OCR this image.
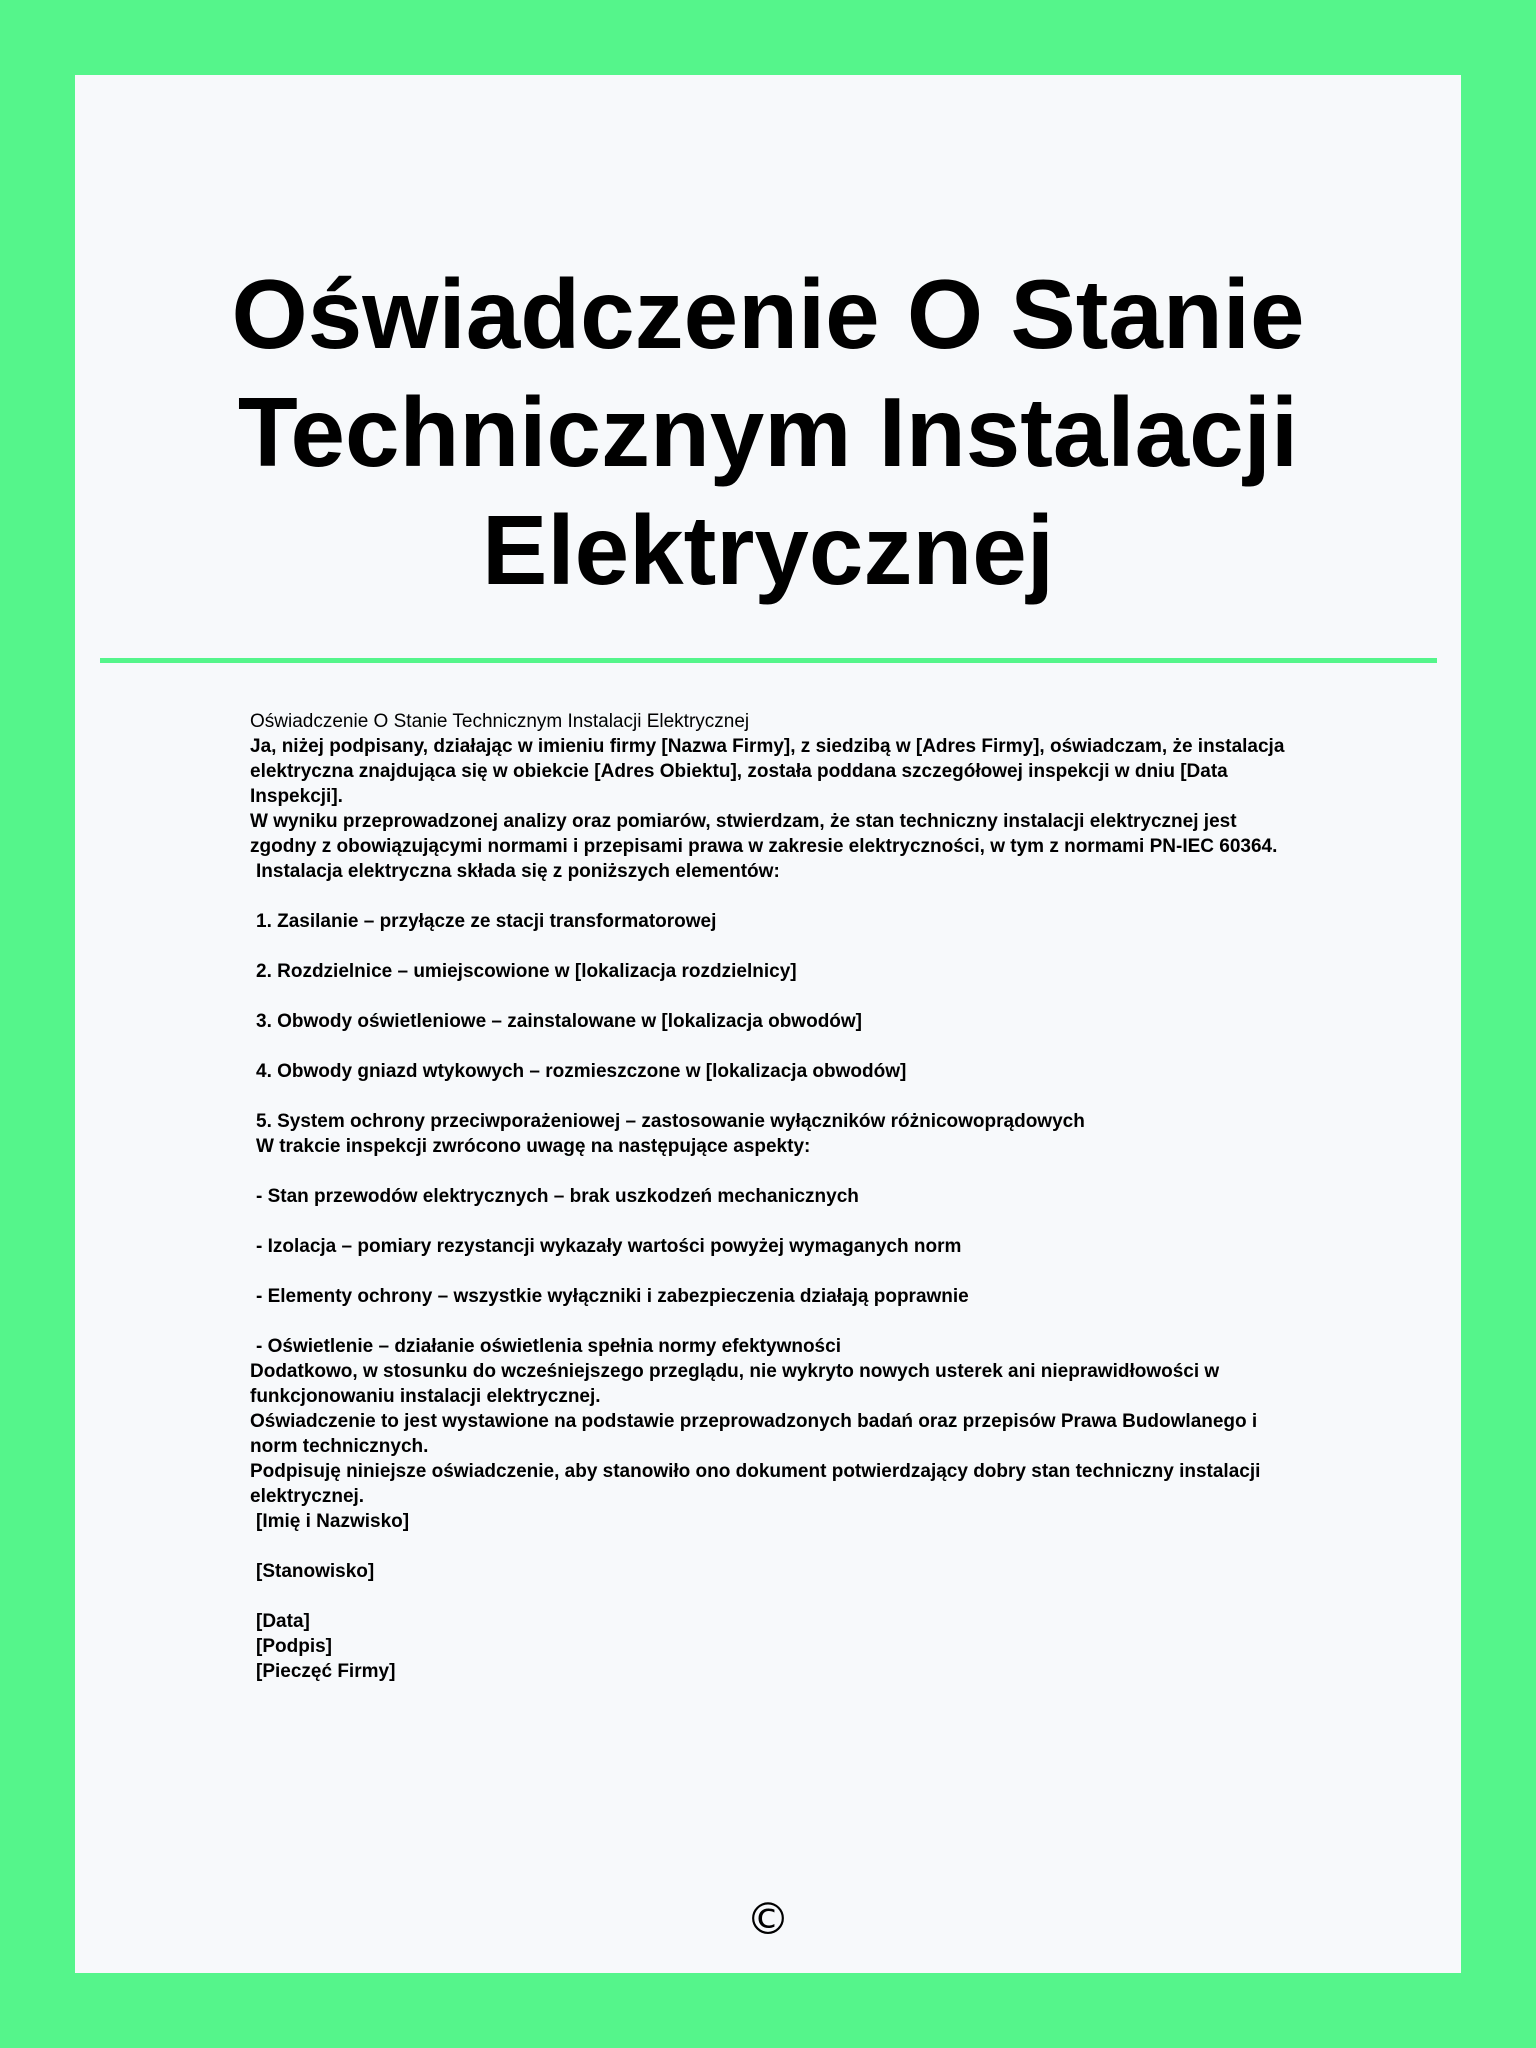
Oświadczenie O Stanie
Technicznym Instalacji
Elektrycznej

Oświadczenie O Stanie Technicznym Instalacji Elektrycznej

Ja, niżej podpisany, działając w imieniu firmy [Nazwa Firmy], z siedzibą w [Adres Firmy], oświadczam, że instalacja elektryczna znajdująca się w obiekcie [Adres Obiektu], została poddana szczegółowej inspekcji w dniu [Data Inspekcji].

W wyniku przeprowadzonej analizy oraz pomiarów, stwierdzam, że stan techniczny instalacji elektrycznej jest zgodny z obowiązującymi normami i przepisami prawa w zakresie elektryczności, w tym z normami PN-IEC 60364.

Instalacja elektryczna składa się z poniższych elementów:

1. Zasilanie – przyłącze ze stacji transformatorowej

2. Rozdzielnice – umiejscowione w [lokalizacja rozdzielnicy]

3. Obwody oświetleniowe – zainstalowane w [lokalizacja obwodów]

4. Obwody gniazd wtykowych – rozmieszczone w [lokalizacja obwodów]

5. System ochrony przeciwporażeniowej – zastosowanie wyłączników różnicowoprądowych

W trakcie inspekcji zwrócono uwagę na następujące aspekty:

- Stan przewodów elektrycznych – brak uszkodzeń mechanicznych

- Izolacja – pomiary rezystancji wykazały wartości powyżej wymaganych norm

- Elementy ochrony – wszystkie wyłączniki i zabezpieczenia działają poprawnie

- Oświetlenie – działanie oświetlenia spełnia normy efektywności

Dodatkowo, w stosunku do wcześniejszego przeglądu, nie wykryto nowych usterek ani nieprawidłowości w funkcjonowaniu instalacji elektrycznej.

Oświadczenie to jest wystawione na podstawie przeprowadzonych badań oraz przepisów Prawa Budowlanego i norm technicznych.

Podpisuję niniejsze oświadczenie, aby stanowiło ono dokument potwierdzający dobry stan techniczny instalacji elektrycznej.

[Imię i Nazwisko]

[Stanowisko]

[Data]

[Podpis]

[Pieczęć Firmy]

©
